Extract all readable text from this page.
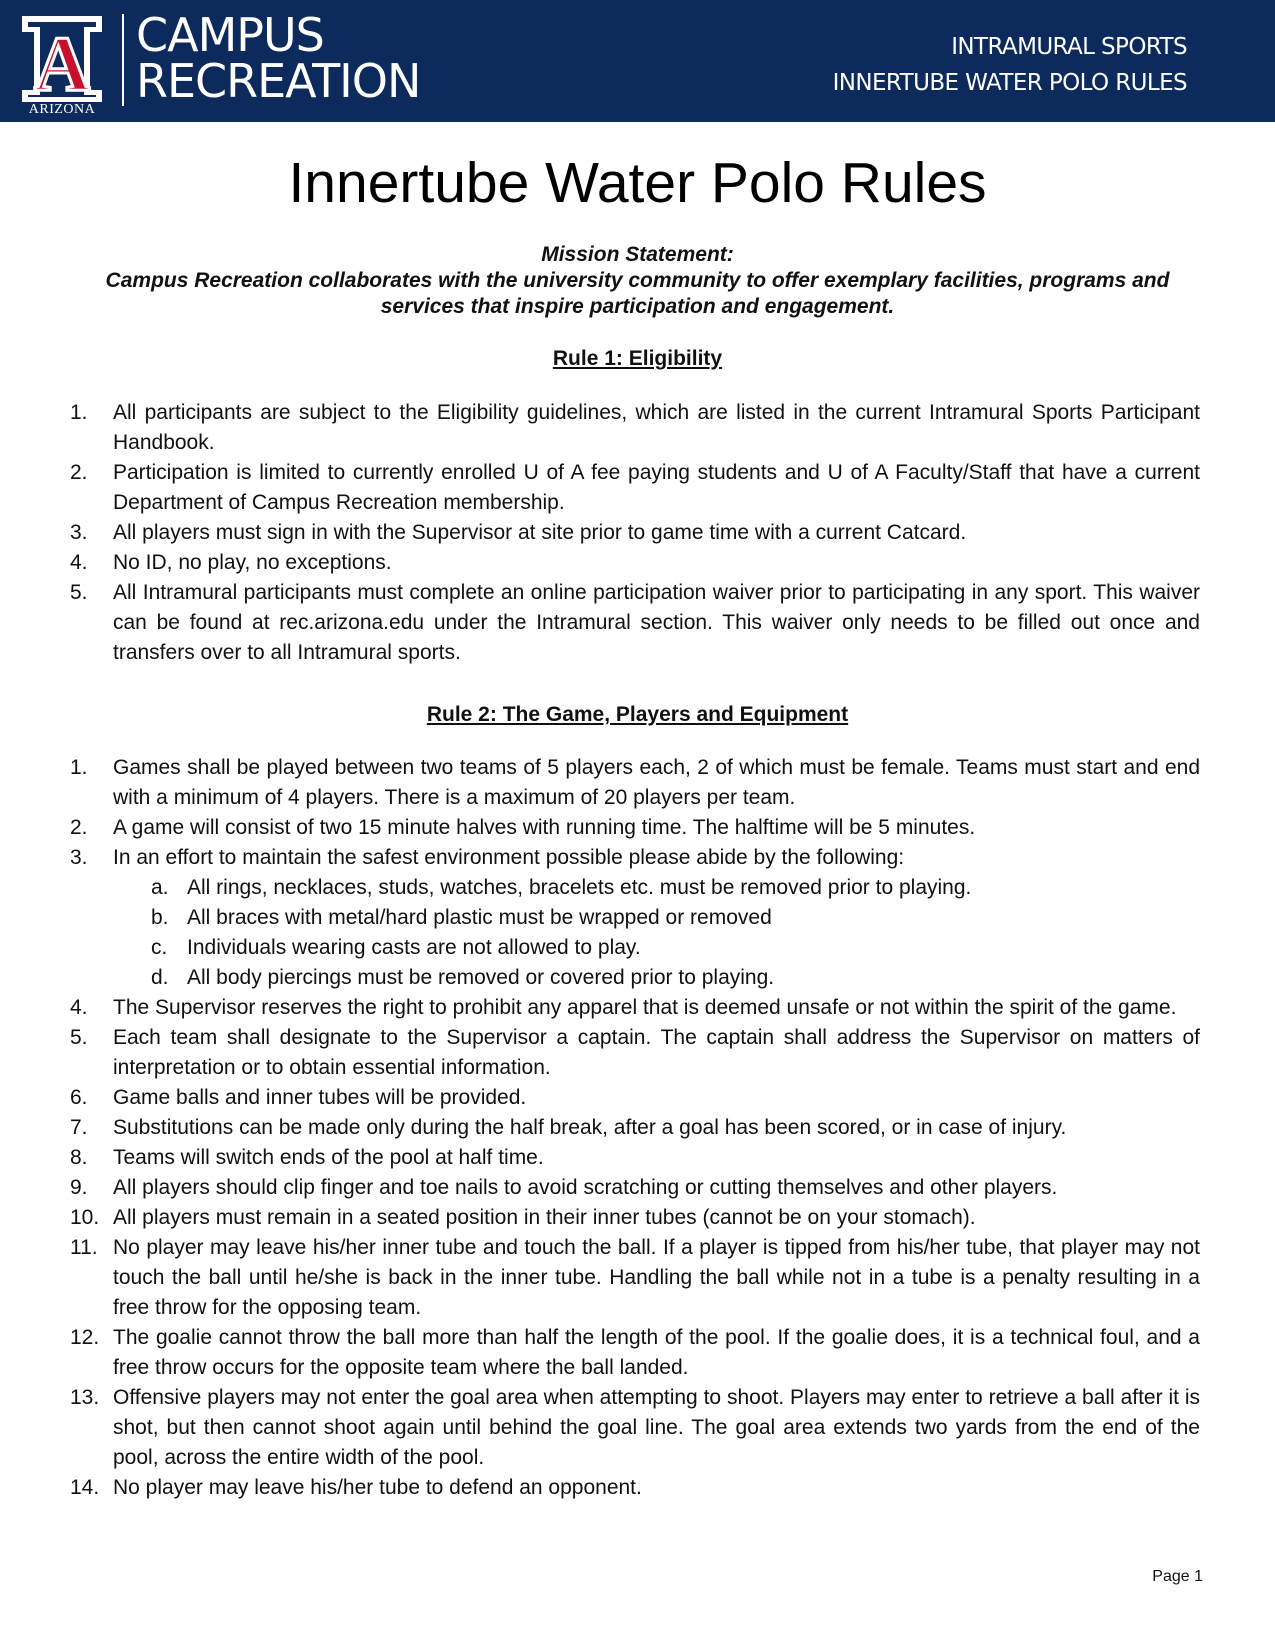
A
ARIZONA
CAMPUS
RECREATION
INTRAMURAL SPORTS
INNERTUBE WATER POLO RULES
Innertube Water Polo Rules
Mission Statement:
Campus Recreation collaborates with the university community to offer exemplary facilities, programs and services that inspire participation and engagement.
Rule 1: Eligibility
1. All participants are subject to the Eligibility guidelines, which are listed in the current Intramural Sports Participant Handbook.
2. Participation is limited to currently enrolled U of A fee paying students and U of A Faculty/Staff that have a current Department of Campus Recreation membership.
3. All players must sign in with the Supervisor at site prior to game time with a current Catcard.
4. No ID, no play, no exceptions.
5. All Intramural participants must complete an online participation waiver prior to participating in any sport. This waiver can be found at rec.arizona.edu under the Intramural section. This waiver only needs to be filled out once and transfers over to all Intramural sports.
Rule 2: The Game, Players and Equipment
1. Games shall be played between two teams of 5 players each, 2 of which must be female. Teams must start and end with a minimum of 4 players. There is a maximum of 20 players per team.
2. A game will consist of two 15 minute halves with running time. The halftime will be 5 minutes.
3. In an effort to maintain the safest environment possible please abide by the following:
a. All rings, necklaces, studs, watches, bracelets etc. must be removed prior to playing.
b. All braces with metal/hard plastic must be wrapped or removed
c. Individuals wearing casts are not allowed to play.
d. All body piercings must be removed or covered prior to playing.
4. The Supervisor reserves the right to prohibit any apparel that is deemed unsafe or not within the spirit of the game.
5. Each team shall designate to the Supervisor a captain. The captain shall address the Supervisor on matters of interpretation or to obtain essential information.
6. Game balls and inner tubes will be provided.
7. Substitutions can be made only during the half break, after a goal has been scored, or in case of injury.
8. Teams will switch ends of the pool at half time.
9. All players should clip finger and toe nails to avoid scratching or cutting themselves and other players.
10. All players must remain in a seated position in their inner tubes (cannot be on your stomach).
11. No player may leave his/her inner tube and touch the ball. If a player is tipped from his/her tube, that player may not touch the ball until he/she is back in the inner tube. Handling the ball while not in a tube is a penalty resulting in a free throw for the opposing team.
12. The goalie cannot throw the ball more than half the length of the pool. If the goalie does, it is a technical foul, and a free throw occurs for the opposite team where the ball landed.
13. Offensive players may not enter the goal area when attempting to shoot. Players may enter to retrieve a ball after it is shot, but then cannot shoot again until behind the goal line. The goal area extends two yards from the end of the pool, across the entire width of the pool.
14. No player may leave his/her tube to defend an opponent.
Page 1
